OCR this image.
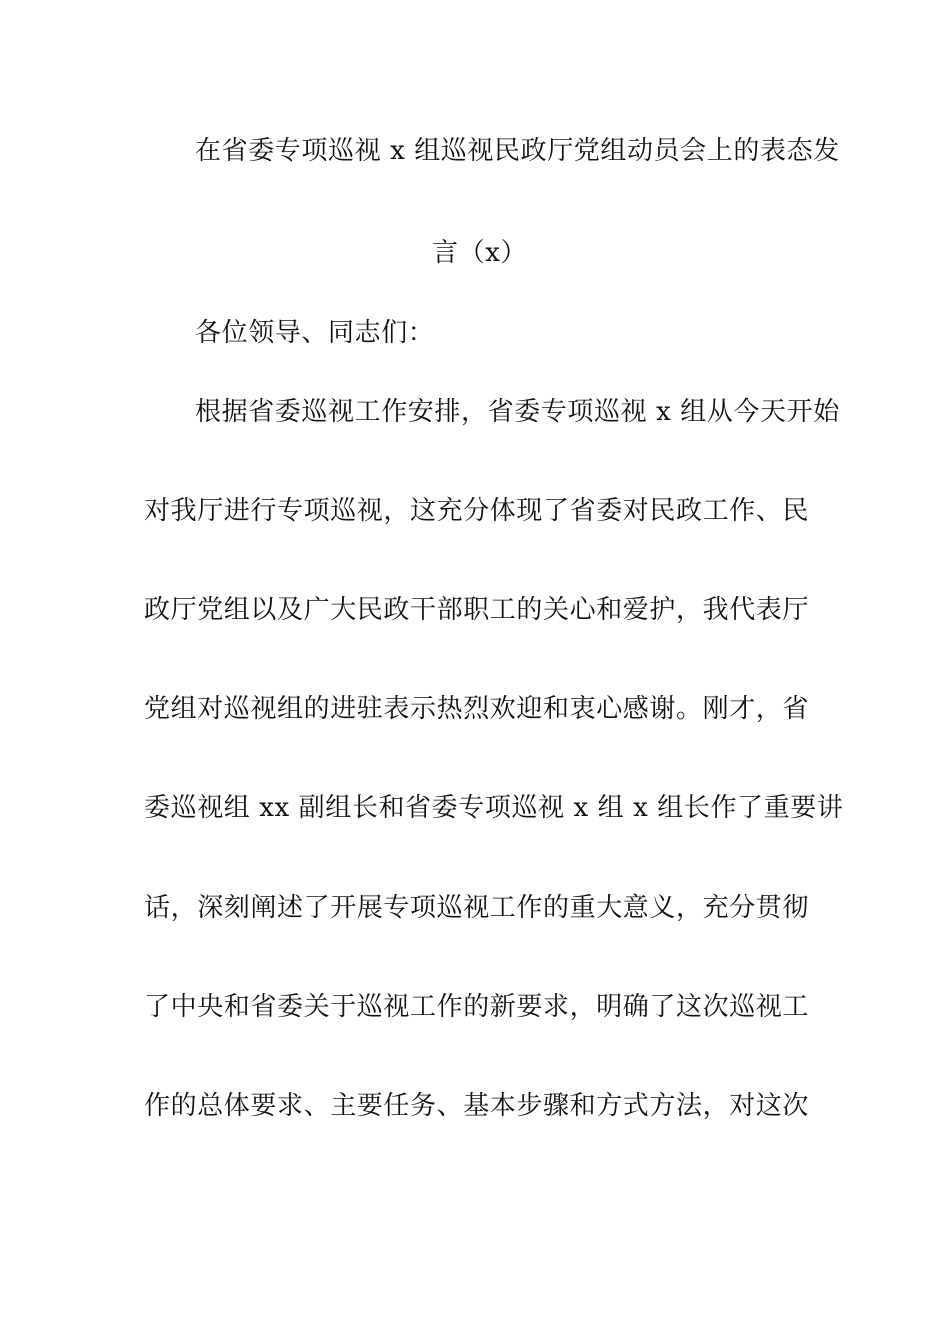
在省委专项巡视 x 组巡视民政厅党组动员会上的表态发
言（x）
各位领导、同志们：
根据省委巡视工作安排，省委专项巡视 x 组从今天开始
对我厅进行专项巡视，这充分体现了省委对民政工作、民
政厅党组以及广大民政干部职工的关心和爱护，我代表厅
党组对巡视组的进驻表示热烈欢迎和衷心感谢。刚才，省
委巡视组 xx 副组长和省委专项巡视 x 组 x 组长作了重要讲
话，深刻阐述了开展专项巡视工作的重大意义，充分贯彻
了中央和省委关于巡视工作的新要求，明确了这次巡视工
作的总体要求、主要任务、基本步骤和方式方法，对这次
